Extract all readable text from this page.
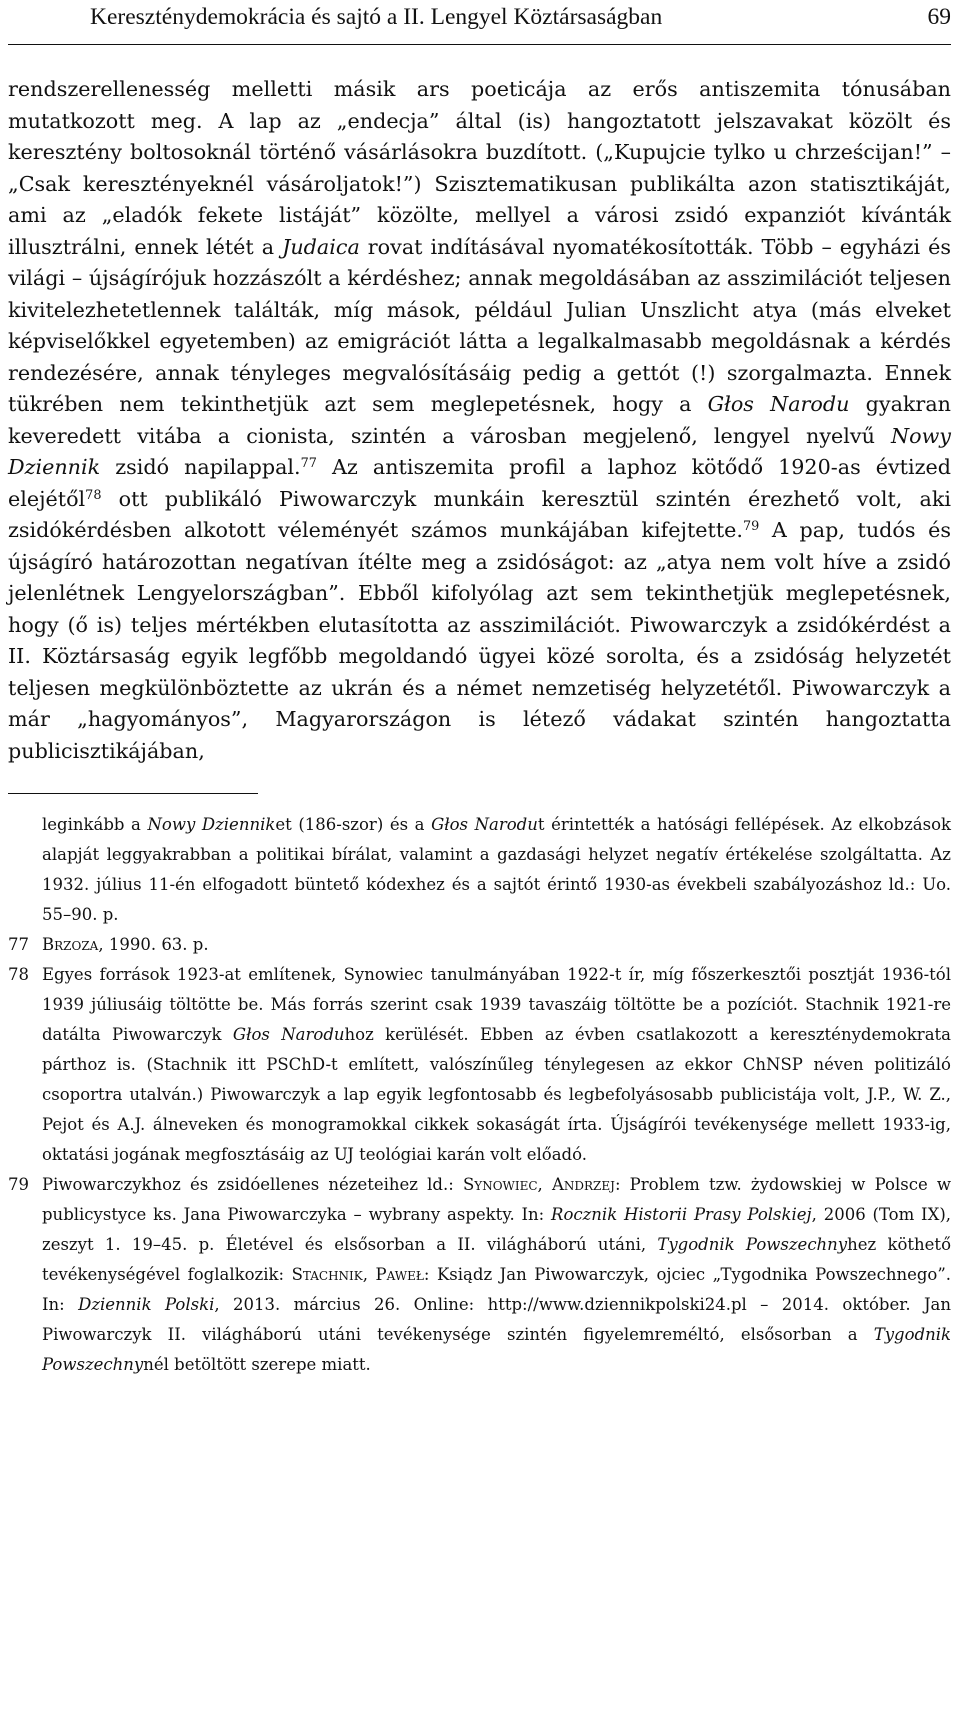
Kereszténydemokrácia és sajtó a II. Lengyel Köztársaságban	69

rendszerellenesség melletti másik ars poeticája az erős antiszemita tónusában mutatkozott meg. A lap az „endecja” által (is) hangoztatott jelszavakat közölt és keresztény boltosoknál történő vásárlásokra buzdított. („Kupujcie tylko u chrześcijan!” – „Csak keresztényeknél vásároljatok!”) Szisztematikusan publikálta azon statisztikáját, ami az „eladók fekete listáját” közölte, mellyel a városi zsidó expanziót kívánták illusztrálni, ennek létét a Judaica rovat indításával nyomatékosították. Több – egyházi és világi – újságírójuk hozzászólt a kérdéshez; annak megoldásában az asszimilációt teljesen kivitelezhetetlennek találták, míg mások, például Julian Unszlicht atya (más elveket képviselőkkel egyetemben) az emigrációt látta a legalkalmasabb megoldásnak a kérdés rendezésére, annak tényleges megvalósításáig pedig a gettót (!) szorgalmazta. Ennek tükrében nem tekinthetjük azt sem meglepetésnek, hogy a Głos Narodu gyakran keveredett vitába a cionista, szintén a városban megjelenő, lengyel nyelvű Nowy Dziennik zsidó napilappal.$^{77}$ Az antiszemita profil a laphoz kötődő 1920-as évtized elejétől$^{78}$ ott publikáló Piwowarczyk munkáin keresztül szintén érezhető volt, aki zsidókérdésben alkotott véleményét számos munkájában kifejtette.$^{79}$ A pap, tudós és újságíró határozottan negatívan ítélte meg a zsidóságot: az „atya nem volt híve a zsidó jelenlétnek Lengyelországban”. Ebből kifolyólag azt sem tekinthetjük meglepetésnek, hogy (ő is) teljes mértékben elutasította az asszimilációt. Piwowarczyk a zsidókérdést a II. Köztársaság egyik legfőbb megoldandó ügyei közé sorolta, és a zsidóság helyzetét teljesen megkülönböztette az ukrán és a német nemzetiség helyzetétől. Piwowarczyk a már „hagyományos”, Magyarországon is létező vádakat szintén hangoztatta publicisztikájában,

leginkább a Nowy Dzienniket (186-szor) és a Głos Narodut érintették a hatósági fellépések. Az elkobzások alapját leggyakrabban a politikai bírálat, valamint a gazdasági helyzet negatív értékelése szolgáltatta. Az 1932. július 11-én elfogadott büntető kódexhez és a sajtót érintő 1930-as évekbeli szabályozáshoz ld.: Uo. 55–90. p.
77 Brzoza, 1990. 63. p.
78 Egyes források 1923-at említenek, Synowiec tanulmányában 1922-t ír, míg főszerkesztői posztját 1936-tól 1939 júliusáig töltötte be. Más forrás szerint csak 1939 tavaszáig töltötte be a pozíciót. Stachnik 1921-re datálta Piwowarczyk Głos Naroduhoz kerülését. Ebben az évben csatlakozott a kereszténydemokrata párthoz is. (Stachnik itt PSChD-t említett, valószínűleg ténylegesen az ekkor ChNSP néven politizáló csoportra utalván.) Piwowarczyk a lap egyik legfontosabb és legbefolyásosabb publicistája volt, J.P., W. Z., Pejot és A.J. álneveken és monogramokkal cikkek sokaságát írta. Újságírói tevékenysége mellett 1933-ig, oktatási jogának megfosztásáig az UJ teológiai karán volt előadó.
79 Piwowarczykhoz és zsidóellenes nézeteihez ld.: Synowiec, Andrzej: Problem tzw. żydowskiej w Polsce w publicystyce ks. Jana Piwowarczyka – wybrany aspekty. In: Rocznik Historii Prasy Polskiej, 2006 (Tom IX), zeszyt 1. 19–45. p. Életével és elsősorban a II. világháború utáni, Tygodnik Powszechnyhez köthető tevékenységével foglalkozik: Stachnik, Paweł: Ksiądz Jan Piwowarczyk, ojciec „Tygodnika Powszechnego”. In: Dziennik Polski, 2013. március 26. Online: http://www.dziennikpolski24.pl – 2014. október. Jan Piwowarczyk II. világháború utáni tevékenysége szintén figyelemreméltó, elsősorban a Tygodnik Powszechnynél betöltött szerepe miatt.
